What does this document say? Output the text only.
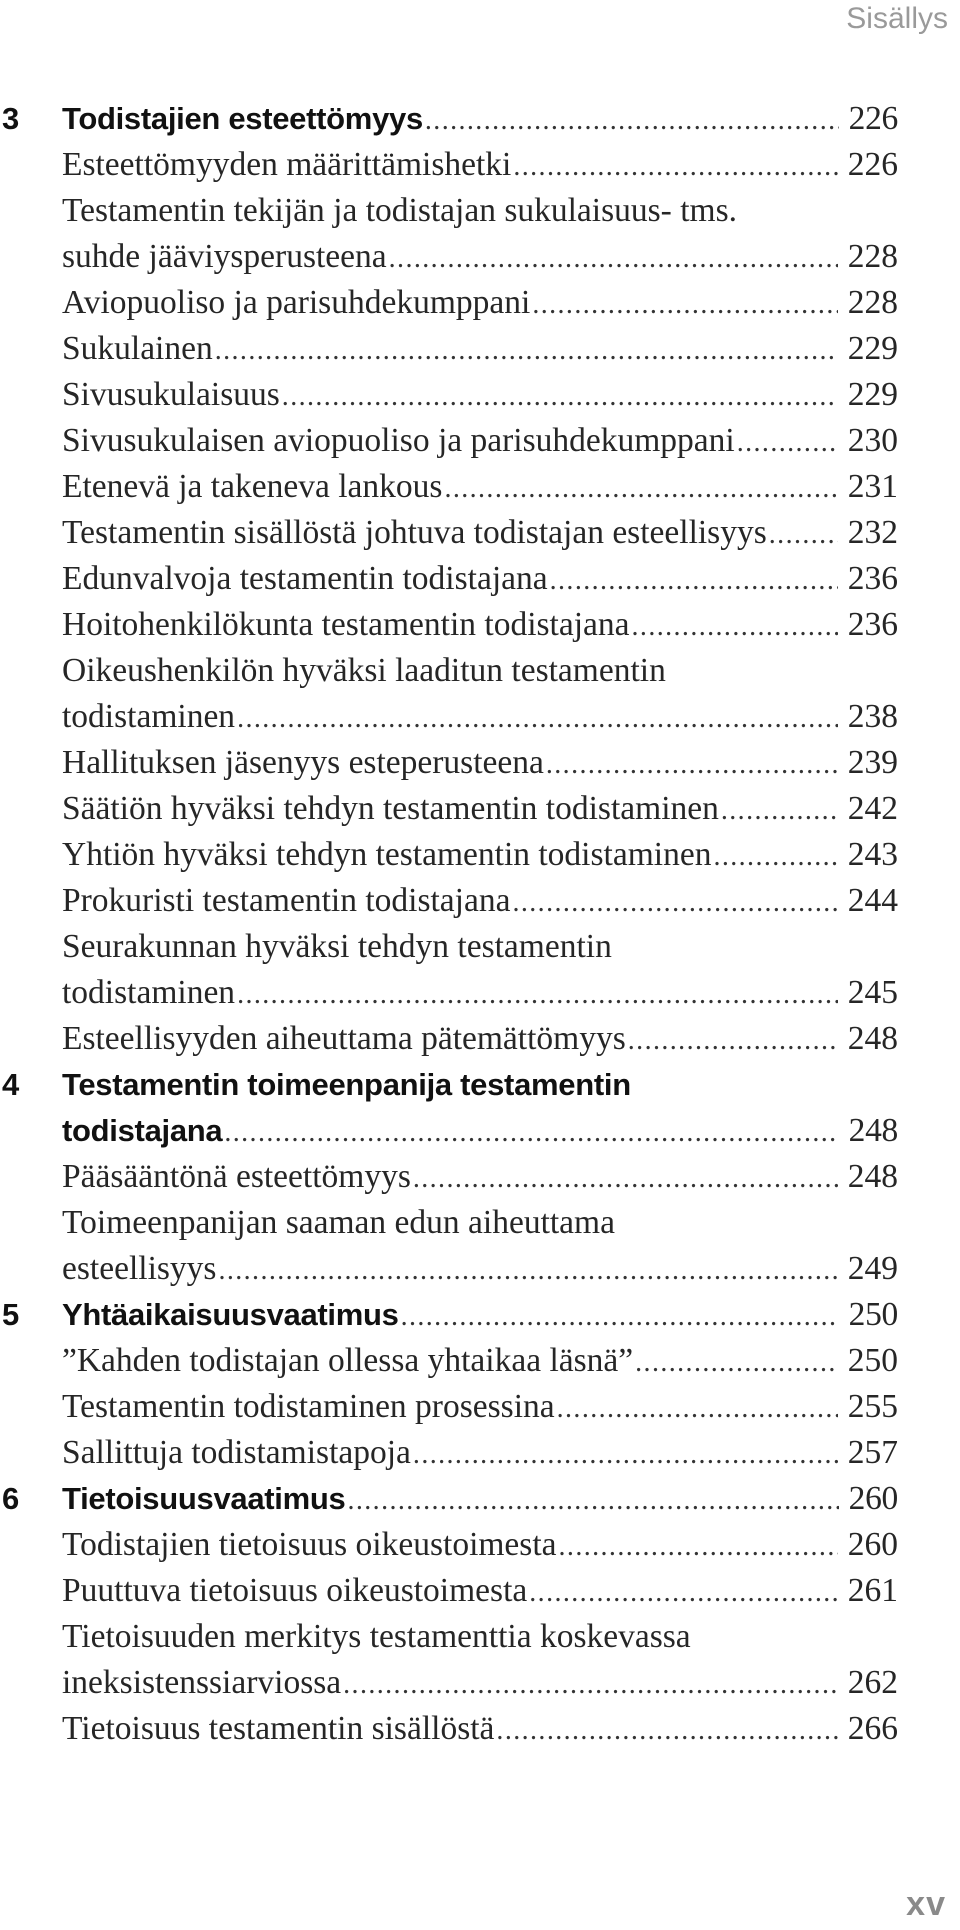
Sisällys
3 Todistajien esteettömyys .....	226
Esteettömyyden määrittämishetki .....	226
Testamentin tekijän ja todistajan sukulaisuus- tms.
suhde jääviysperusteena .....	228
Aviopuoliso ja parisuhdekumppani .....	228
Sukulainen .....	229
Sivusukulaisuus .....	229
Sivusukulaisen aviopuoliso ja parisuhdekumppani .....	230
Etenevä ja takeneva lankous .....	231
Testamentin sisällöstä johtuva todistajan esteellisyys ..... 232
Edunvalvoja testamentin todistajana .....	236
Hoitohenkilökunta testamentin todistajana .....	236
Oikeushenkilön hyväksi laaditun testamentin
todistaminen .....	238
Hallituksen jäsenyys esteperusteena .....	239
Säätiön hyväksi tehdyn testamentin todistaminen .....	242
Yhtiön hyväksi tehdyn testamentin todistaminen .....	243
Prokuristi testamentin todistajana .....	244
Seurakunnan hyväksi tehdyn testamentin
todistaminen .....	245
Esteellisyyden aiheuttama pätemättömyys .....	248
4 Testamentin toimeenpanija testamentin
todistajana .....	248
Pääsääntönä esteettömyys .....	248
Toimeenpanijan saaman edun aiheuttama
esteellisyys .....	249
5 Yhtäaikaisuusvaatimus .....	250
”Kahden todistajan ollessa yhtaikaa läsnä” .....	250
Testamentin todistaminen prosessina .....	255
Sallittuja todistamistapoja .....	257
6 Tietoisuusvaatimus .....	260
Todistajien tietoisuus oikeustoimesta .....	260
Puuttuva tietoisuus oikeustoimesta .....	261
Tietoisuuden merkitys testamenttia koskevassa
ineksistenssiarviossa .....	262
Tietoisuus testamentin sisällöstä .....	266
xv
